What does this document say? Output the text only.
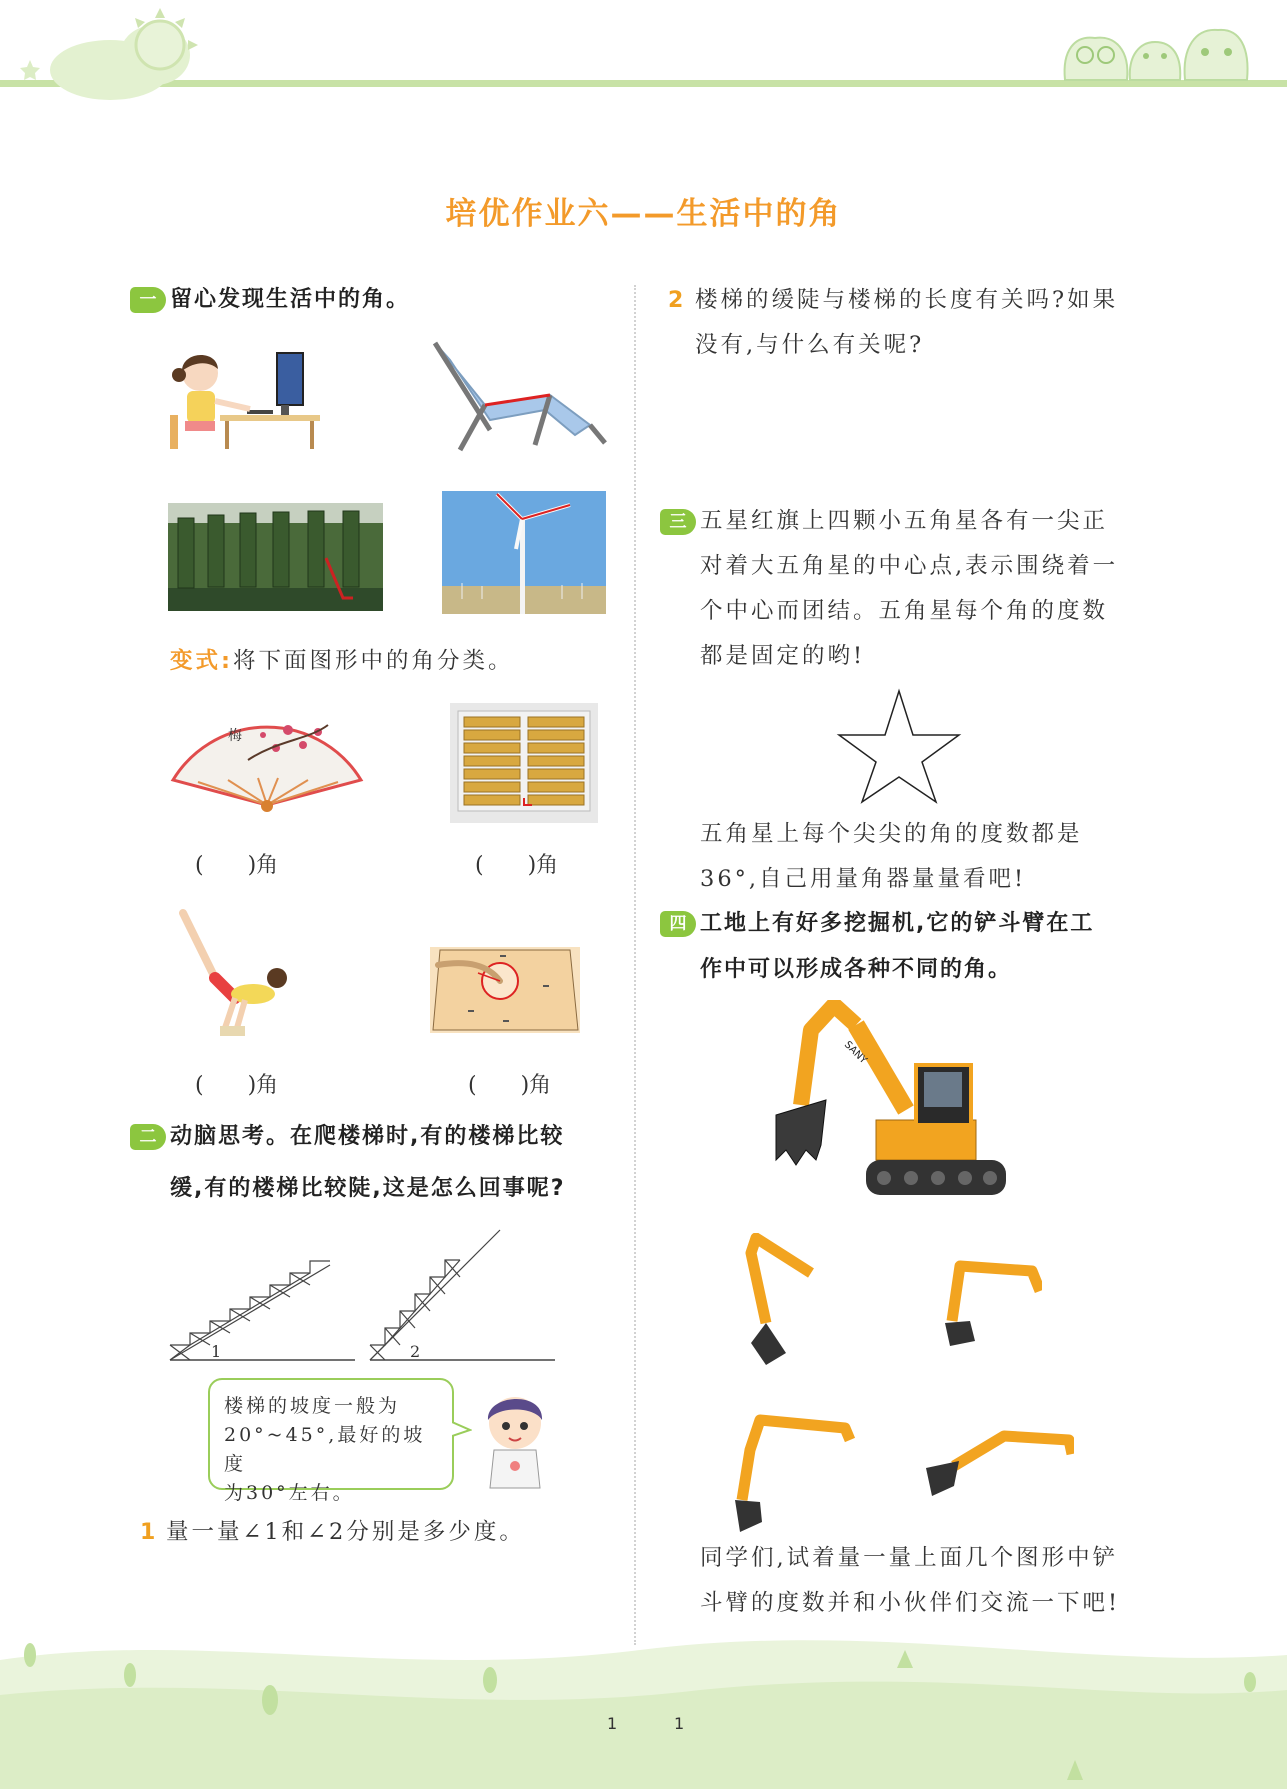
培优作业六——生活中的角
一 留心发现生活中的角。
变式:将下面图形中的角分类。
梅
(　　)角	(　　)角
(　　)角	(　　)角
二 动脑思考。在爬楼梯时,有的楼梯比较
缓,有的楼梯比较陡,这是怎么回事呢?
1	2
楼梯的坡度一般为
20°~45°,最好的坡度
为30°左右。
1 量一量∠1和∠2分别是多少度。
2 楼梯的缓陡与楼梯的长度有关吗?如果
没有,与什么有关呢?
三 五星红旗上四颗小五角星各有一尖正
对着大五角星的中心点,表示围绕着一
个中心而团结。五角星每个角的度数
都是固定的哟!
五角星上每个尖尖的角的度数都是
36°,自己用量角器量量看吧!
四 工地上有好多挖掘机,它的铲斗臂在工
作中可以形成各种不同的角。
SANY
同学们,试着量一量上面几个图形中铲
斗臂的度数并和小伙伴们交流一下吧!
1	1
